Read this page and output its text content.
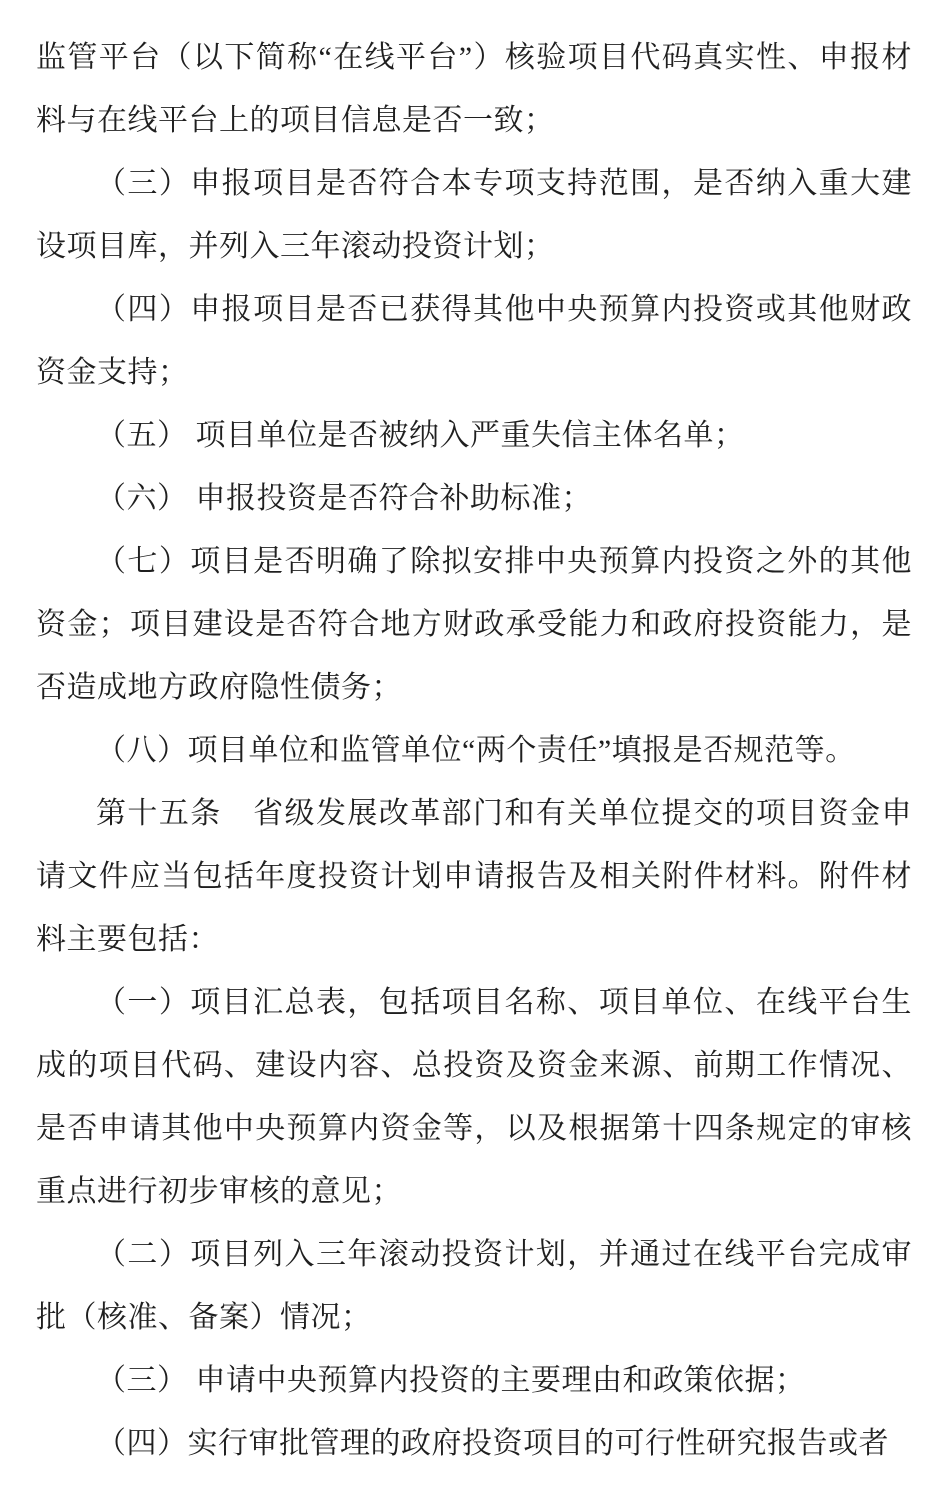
监管平台（以下简称“在线平台”）核验项目代码真实性、申报材料与在线平台上的项目信息是否一致；

（三）申报项目是否符合本专项支持范围，是否纳入重大建设项目库，并列入三年滚动投资计划；

（四）申报项目是否已获得其他中央预算内投资或其他财政资金支持；

（五） 项目单位是否被纳入严重失信主体名单；

（六） 申报投资是否符合补助标准；

（七）项目是否明确了除拟安排中央预算内投资之外的其他资金；项目建设是否符合地方财政承受能力和政府投资能力，是否造成地方政府隐性债务；

（八）项目单位和监管单位“两个责任”填报是否规范等。

第十五条　省级发展改革部门和有关单位提交的项目资金申请文件应当包括年度投资计划申请报告及相关附件材料。附件材料主要包括：

（一）项目汇总表，包括项目名称、项目单位、在线平台生成的项目代码、建设内容、总投资及资金来源、前期工作情况、是否申请其他中央预算内资金等，以及根据第十四条规定的审核重点进行初步审核的意见；

（二）项目列入三年滚动投资计划，并通过在线平台完成审批（核准、备案）情况；

（三） 申请中央预算内投资的主要理由和政策依据；

（四）实行审批管理的政府投资项目的可行性研究报告或者
